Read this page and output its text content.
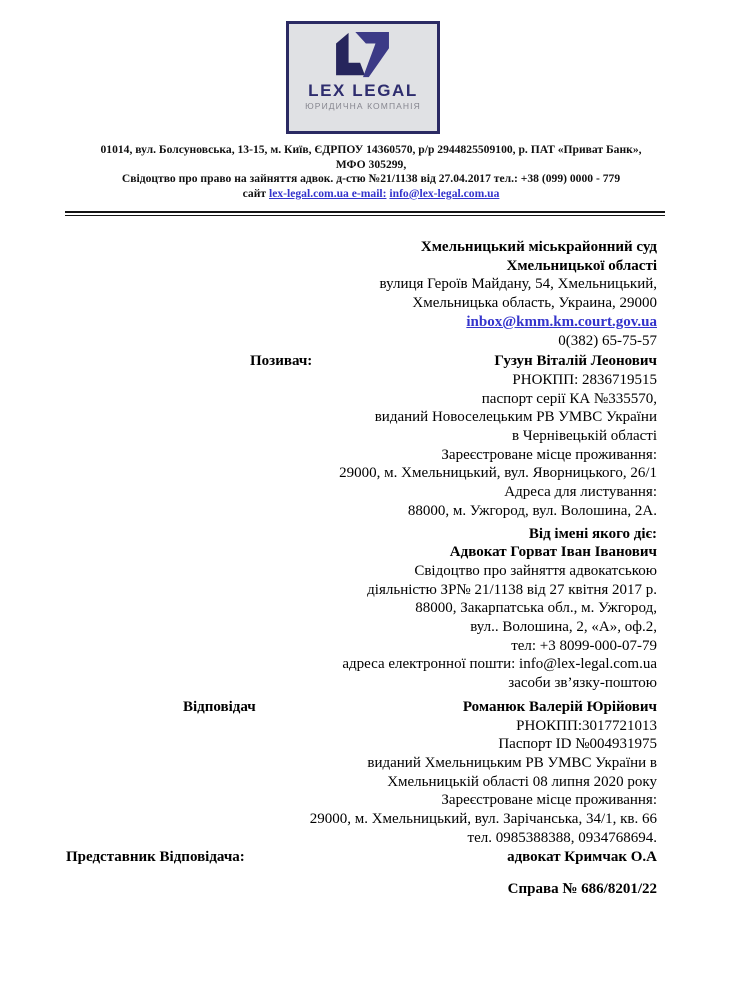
LEX LEGAL
ЮРИДИЧНА КОМПАНІЯ
01014, вул. Болсуновська, 13-15, м. Київ, ЄДРПОУ 14360570, р/р 2944825509100, р. ПАТ «Приват Банк»,
МФО 305299,
Свідоцтво про право на зайняття адвок. д-стю №21/1138 від 27.04.2017 тел.: +38 (099) 0000 - 779
сайт lex-legal.com.ua e-mail: info@lex-legal.com.ua
Хмельницький міськрайонний суд
Хмельницької області
вулиця Героїв Майдану, 54, Хмельницький,
Хмельницька область, Украина, 29000
inbox@kmm.km.court.gov.ua
0(382) 65-75-57
Позивач:	Гузун Віталій Леонович
РНОКПП: 2836719515
паспорт серії КА №335570,
виданий Новоселецьким РВ УМВС України
в Чернівецькій області
Зареєстроване місце проживання:
29000, м. Хмельницький, вул. Яворницького, 26/1
Адреса для листування:
88000, м. Ужгород, вул. Волошина, 2А.
Від імені якого діє:
Адвокат Горват Іван Іванович
Свідоцтво про зайняття адвокатською
діяльністю ЗР№ 21/1138 від 27 квітня 2017 р.
88000, Закарпатська обл., м. Ужгород,
вул.. Волошина, 2, «А», оф.2,
тел: +3 8099-000-07-79
адреса електронної пошти: info@lex-legal.com.ua
засоби зв’язку-поштою
Відповідач	Романюк Валерій Юрійович
РНОКПП:3017721013
Паспорт ID №004931975
виданий Хмельницьким РВ УМВС України в
Хмельницькій області 08 липня 2020 року
Зареєстроване місце проживання:
29000, м. Хмельницький, вул. Зарічанська, 34/1, кв. 66
тел. 0985388388, 0934768694.
Представник Відповідача:	адвокат Кримчак О.А
Справа № 686/8201/22
